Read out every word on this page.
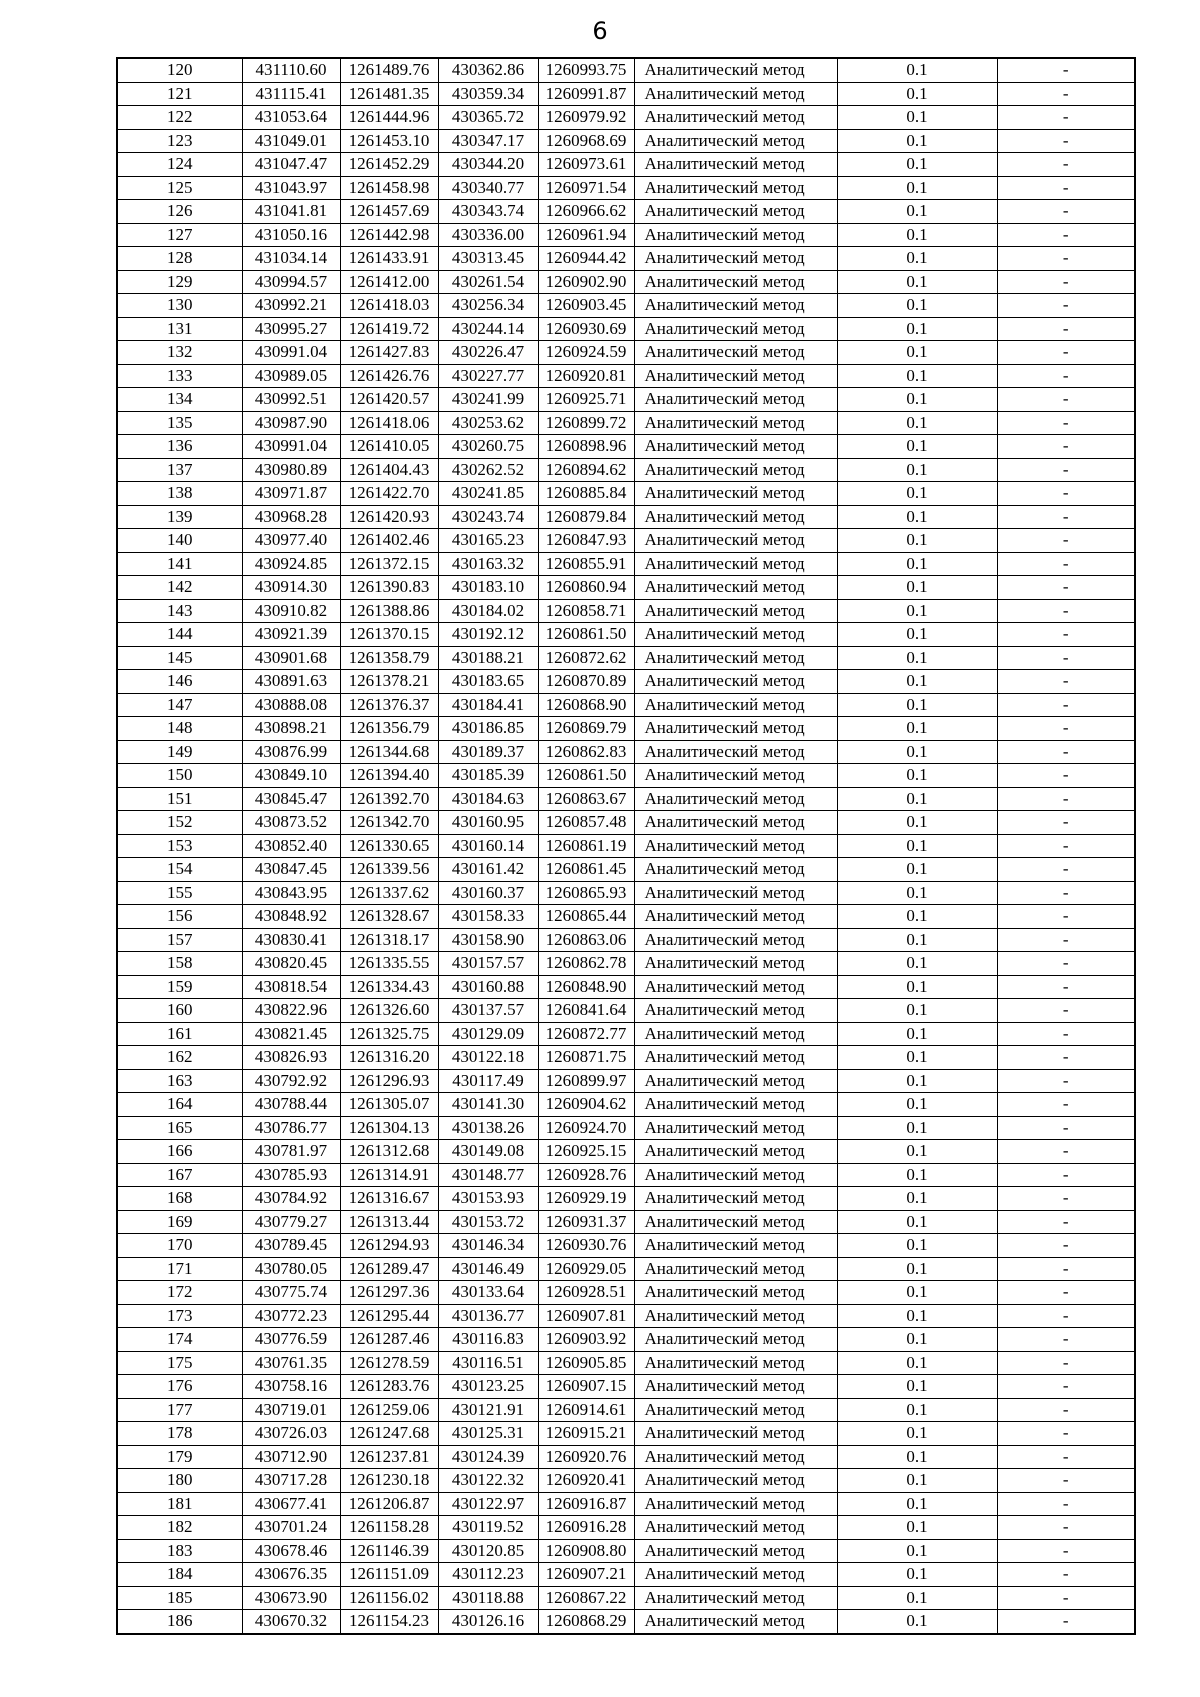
6
120	431110.60	1261489.76	430362.86	1260993.75	Аналитический метод	0.1	-
121	431115.41	1261481.35	430359.34	1260991.87	Аналитический метод	0.1	-
122	431053.64	1261444.96	430365.72	1260979.92	Аналитический метод	0.1	-
123	431049.01	1261453.10	430347.17	1260968.69	Аналитический метод	0.1	-
124	431047.47	1261452.29	430344.20	1260973.61	Аналитический метод	0.1	-
125	431043.97	1261458.98	430340.77	1260971.54	Аналитический метод	0.1	-
126	431041.81	1261457.69	430343.74	1260966.62	Аналитический метод	0.1	-
127	431050.16	1261442.98	430336.00	1260961.94	Аналитический метод	0.1	-
128	431034.14	1261433.91	430313.45	1260944.42	Аналитический метод	0.1	-
129	430994.57	1261412.00	430261.54	1260902.90	Аналитический метод	0.1	-
130	430992.21	1261418.03	430256.34	1260903.45	Аналитический метод	0.1	-
131	430995.27	1261419.72	430244.14	1260930.69	Аналитический метод	0.1	-
132	430991.04	1261427.83	430226.47	1260924.59	Аналитический метод	0.1	-
133	430989.05	1261426.76	430227.77	1260920.81	Аналитический метод	0.1	-
134	430992.51	1261420.57	430241.99	1260925.71	Аналитический метод	0.1	-
135	430987.90	1261418.06	430253.62	1260899.72	Аналитический метод	0.1	-
136	430991.04	1261410.05	430260.75	1260898.96	Аналитический метод	0.1	-
137	430980.89	1261404.43	430262.52	1260894.62	Аналитический метод	0.1	-
138	430971.87	1261422.70	430241.85	1260885.84	Аналитический метод	0.1	-
139	430968.28	1261420.93	430243.74	1260879.84	Аналитический метод	0.1	-
140	430977.40	1261402.46	430165.23	1260847.93	Аналитический метод	0.1	-
141	430924.85	1261372.15	430163.32	1260855.91	Аналитический метод	0.1	-
142	430914.30	1261390.83	430183.10	1260860.94	Аналитический метод	0.1	-
143	430910.82	1261388.86	430184.02	1260858.71	Аналитический метод	0.1	-
144	430921.39	1261370.15	430192.12	1260861.50	Аналитический метод	0.1	-
145	430901.68	1261358.79	430188.21	1260872.62	Аналитический метод	0.1	-
146	430891.63	1261378.21	430183.65	1260870.89	Аналитический метод	0.1	-
147	430888.08	1261376.37	430184.41	1260868.90	Аналитический метод	0.1	-
148	430898.21	1261356.79	430186.85	1260869.79	Аналитический метод	0.1	-
149	430876.99	1261344.68	430189.37	1260862.83	Аналитический метод	0.1	-
150	430849.10	1261394.40	430185.39	1260861.50	Аналитический метод	0.1	-
151	430845.47	1261392.70	430184.63	1260863.67	Аналитический метод	0.1	-
152	430873.52	1261342.70	430160.95	1260857.48	Аналитический метод	0.1	-
153	430852.40	1261330.65	430160.14	1260861.19	Аналитический метод	0.1	-
154	430847.45	1261339.56	430161.42	1260861.45	Аналитический метод	0.1	-
155	430843.95	1261337.62	430160.37	1260865.93	Аналитический метод	0.1	-
156	430848.92	1261328.67	430158.33	1260865.44	Аналитический метод	0.1	-
157	430830.41	1261318.17	430158.90	1260863.06	Аналитический метод	0.1	-
158	430820.45	1261335.55	430157.57	1260862.78	Аналитический метод	0.1	-
159	430818.54	1261334.43	430160.88	1260848.90	Аналитический метод	0.1	-
160	430822.96	1261326.60	430137.57	1260841.64	Аналитический метод	0.1	-
161	430821.45	1261325.75	430129.09	1260872.77	Аналитический метод	0.1	-
162	430826.93	1261316.20	430122.18	1260871.75	Аналитический метод	0.1	-
163	430792.92	1261296.93	430117.49	1260899.97	Аналитический метод	0.1	-
164	430788.44	1261305.07	430141.30	1260904.62	Аналитический метод	0.1	-
165	430786.77	1261304.13	430138.26	1260924.70	Аналитический метод	0.1	-
166	430781.97	1261312.68	430149.08	1260925.15	Аналитический метод	0.1	-
167	430785.93	1261314.91	430148.77	1260928.76	Аналитический метод	0.1	-
168	430784.92	1261316.67	430153.93	1260929.19	Аналитический метод	0.1	-
169	430779.27	1261313.44	430153.72	1260931.37	Аналитический метод	0.1	-
170	430789.45	1261294.93	430146.34	1260930.76	Аналитический метод	0.1	-
171	430780.05	1261289.47	430146.49	1260929.05	Аналитический метод	0.1	-
172	430775.74	1261297.36	430133.64	1260928.51	Аналитический метод	0.1	-
173	430772.23	1261295.44	430136.77	1260907.81	Аналитический метод	0.1	-
174	430776.59	1261287.46	430116.83	1260903.92	Аналитический метод	0.1	-
175	430761.35	1261278.59	430116.51	1260905.85	Аналитический метод	0.1	-
176	430758.16	1261283.76	430123.25	1260907.15	Аналитический метод	0.1	-
177	430719.01	1261259.06	430121.91	1260914.61	Аналитический метод	0.1	-
178	430726.03	1261247.68	430125.31	1260915.21	Аналитический метод	0.1	-
179	430712.90	1261237.81	430124.39	1260920.76	Аналитический метод	0.1	-
180	430717.28	1261230.18	430122.32	1260920.41	Аналитический метод	0.1	-
181	430677.41	1261206.87	430122.97	1260916.87	Аналитический метод	0.1	-
182	430701.24	1261158.28	430119.52	1260916.28	Аналитический метод	0.1	-
183	430678.46	1261146.39	430120.85	1260908.80	Аналитический метод	0.1	-
184	430676.35	1261151.09	430112.23	1260907.21	Аналитический метод	0.1	-
185	430673.90	1261156.02	430118.88	1260867.22	Аналитический метод	0.1	-
186	430670.32	1261154.23	430126.16	1260868.29	Аналитический метод	0.1	-
